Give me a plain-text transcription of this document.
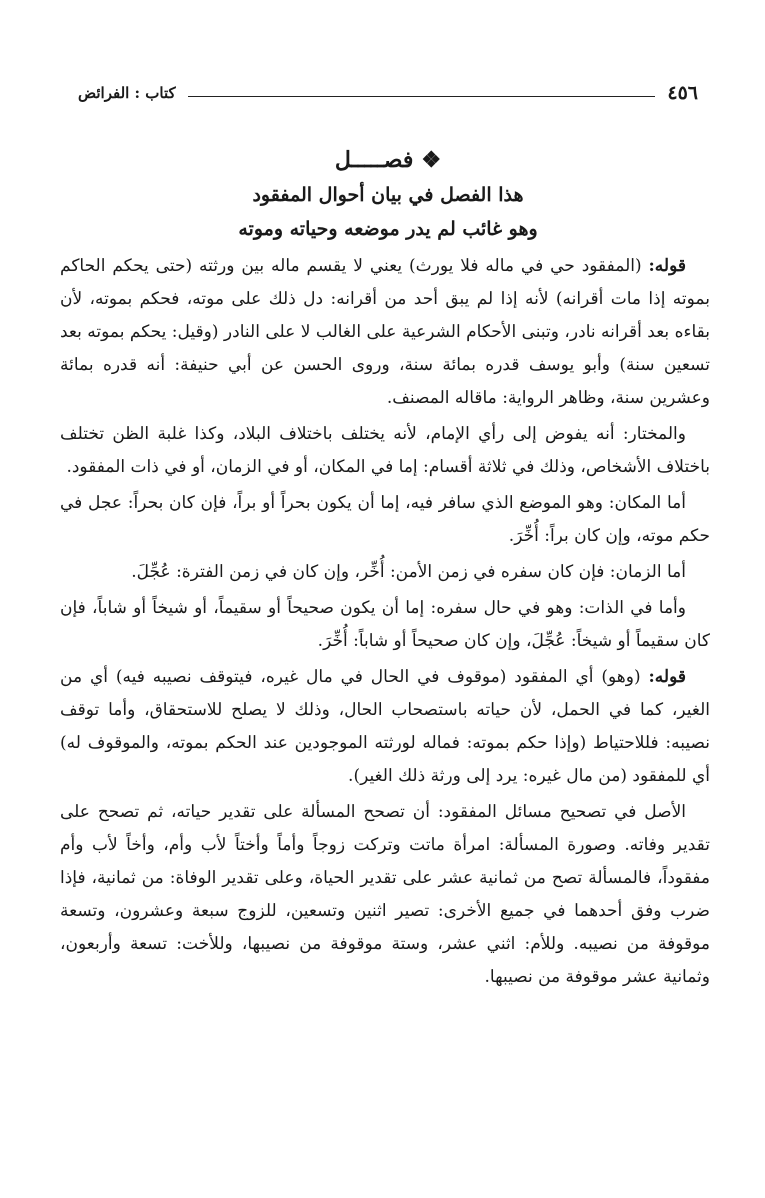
٤٥٦
كتاب : الفرائض
❖فصـــــل
هذا الفصل في بيان أحوال المفقود
وهو غائب لم يدر موضعه وحياته وموته

قوله: (المفقود حي في ماله فلا يورث) يعني لا يقسم ماله بين ورثته (حتى يحكم الحاكم بموته إذا مات أقرانه) لأنه إذا لم يبق أحد من أقرانه: دل ذلك على موته، فحكم بموته، لأن بقاءه بعد أقرانه نادر، وتبنى الأحكام الشرعية على الغالب لا على النادر (وقيل: يحكم بموته بعد تسعين سنة) وأبو يوسف قدره بمائة سنة، وروى الحسن عن أبي حنيفة: أنه قدره بمائة وعشرين سنة، وظاهر الرواية: ماقاله المصنف.

والمختار: أنه يفوض إلى رأي الإمام، لأنه يختلف باختلاف البلاد، وكذا غلبة الظن تختلف باختلاف الأشخاص، وذلك في ثلاثة أقسام: إما في المكان، أو في الزمان، أو في ذات المفقود.

أما المكان: وهو الموضع الذي سافر فيه، إما أن يكون بحراً أو براً، فإن كان بحراً: عجل في حكم موته، وإن كان براً: أُخِّرَ.

أما الزمان: فإن كان سفره في زمن الأمن: أُخِّر، وإن كان في زمن الفترة: عُجِّلَ.

وأما في الذات: وهو في حال سفره: إما أن يكون صحيحاً أو سقيماً، أو شيخاً أو شاباً، فإن كان سقيماً أو شيخاً: عُجِّلَ، وإن كان صحيحاً أو شاباً: أُخِّرَ.

قوله: (وهو) أي المفقود (موقوف في الحال في مال غيره، فيتوقف نصيبه فيه) أي من الغير، كما في الحمل، لأن حياته باستصحاب الحال، وذلك لا يصلح للاستحقاق، وأما توقف نصيبه: فللاحتياط (وإذا حكم بموته: فماله لورثته الموجودين عند الحكم بموته، والموقوف له) أي للمفقود (من مال غيره: يرد إلى ورثة ذلك الغير).

الأصل في تصحيح مسائل المفقود: أن تصحح المسألة على تقدير حياته، ثم تصحح على تقدير وفاته. وصورة المسألة: امرأة ماتت وتركت زوجاً وأماً وأختاً لأب وأم، وأخاً لأب وأم مفقوداً، فالمسألة تصح من ثمانية عشر على تقدير الحياة، وعلى تقدير الوفاة: من ثمانية، فإذا ضرب وفق أحدهما في جميع الأخرى: تصير اثنين وتسعين، للزوج سبعة وعشرون، وتسعة موقوفة من نصيبه. وللأم: اثني عشر، وستة موقوفة من نصيبها، وللأخت: تسعة وأربعون، وثمانية عشر موقوفة من نصيبها.
